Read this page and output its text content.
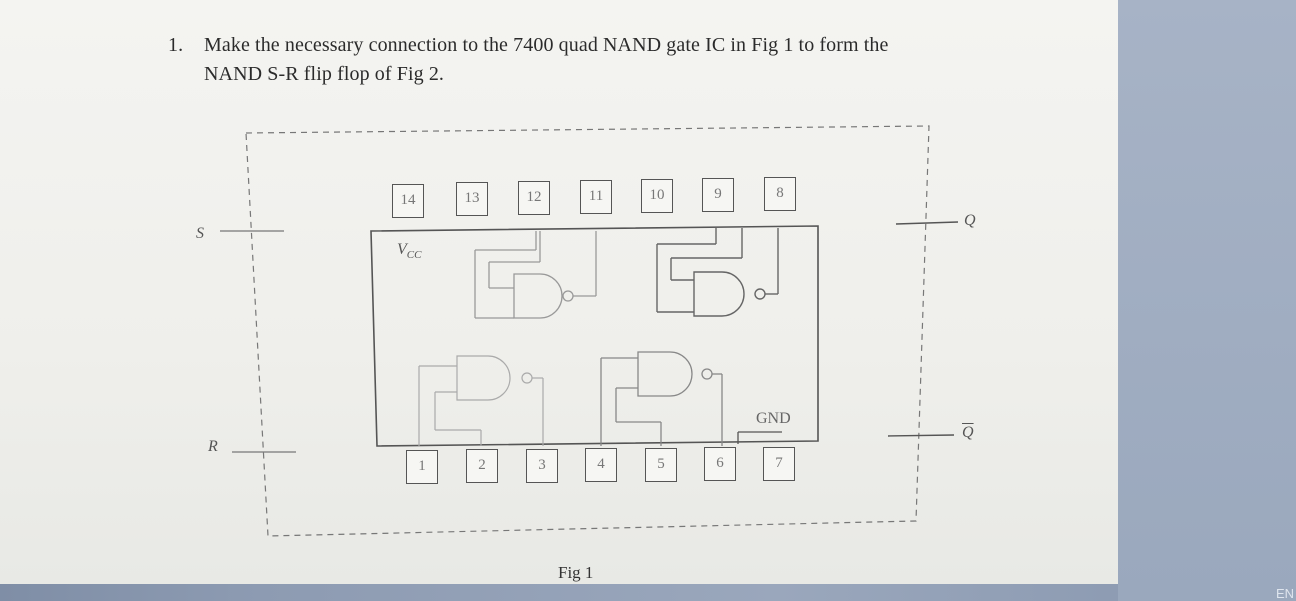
1. Make the necessary connection to the 7400 quad NAND gate IC in Fig 1 to form the
NAND S-R flip flop of Fig 2.
14	13	12	11	10	9	8
1	2	3	4	5	6	7
$V_{CC}$
GND
S
R
Q
$\overline{Q}$
Fig 1
EN
